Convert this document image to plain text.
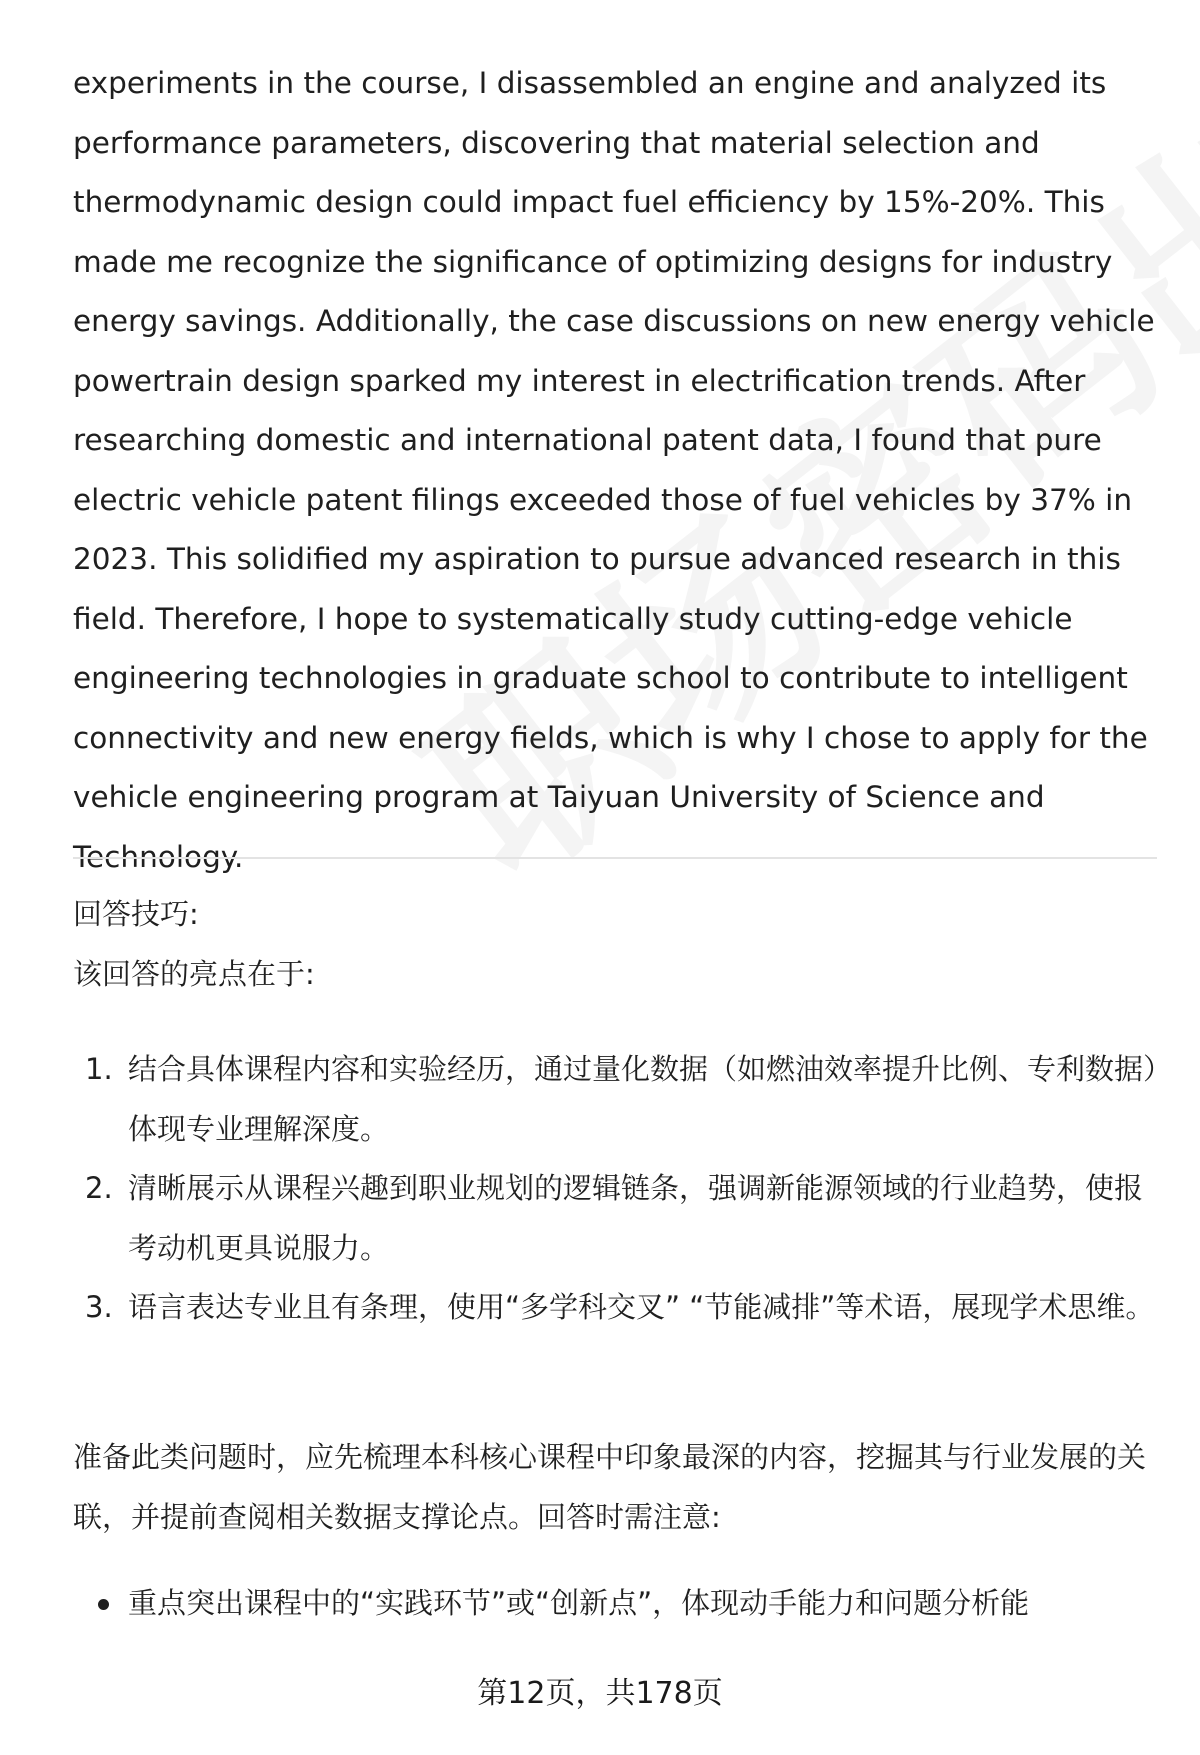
experiments in the course, I disassembled an engine and analyzed its performance parameters, discovering that material selection and thermodynamic design could impact fuel efficiency by 15%-20%. This made me recognize the significance of optimizing designs for industry energy savings. Additionally, the case discussions on new energy vehicle powertrain design sparked my interest in electrification trends. After researching domestic and international patent data, I found that pure electric vehicle patent filings exceeded those of fuel vehicles by 37% in 2023. This solidified my aspiration to pursue advanced research in this field. Therefore, I hope to systematically study cutting-edge vehicle engineering technologies in graduate school to contribute to intelligent connectivity and new energy fields, which is why I chose to apply for the vehicle engineering program at Taiyuan University of Science and Technology.

回答技巧:

该回答的亮点在于:

1. 结合具体课程内容和实验经历，通过量化数据（如燃油效率提升比例、专利数据）体现专业理解深度。
2. 清晰展示从课程兴趣到职业规划的逻辑链条，强调新能源领域的行业趋势，使报考动机更具说服力。
3. 语言表达专业且有条理，使用“多学科交叉” “节能减排”等术语，展现学术思维。

准备此类问题时，应先梳理本科核心课程中印象最深的内容，挖掘其与行业发展的关联，并提前查阅相关数据支撑论点。回答时需注意:

重点突出课程中的“实践环节”或“创新点”，体现动手能力和问题分析能
第12页，共178页
